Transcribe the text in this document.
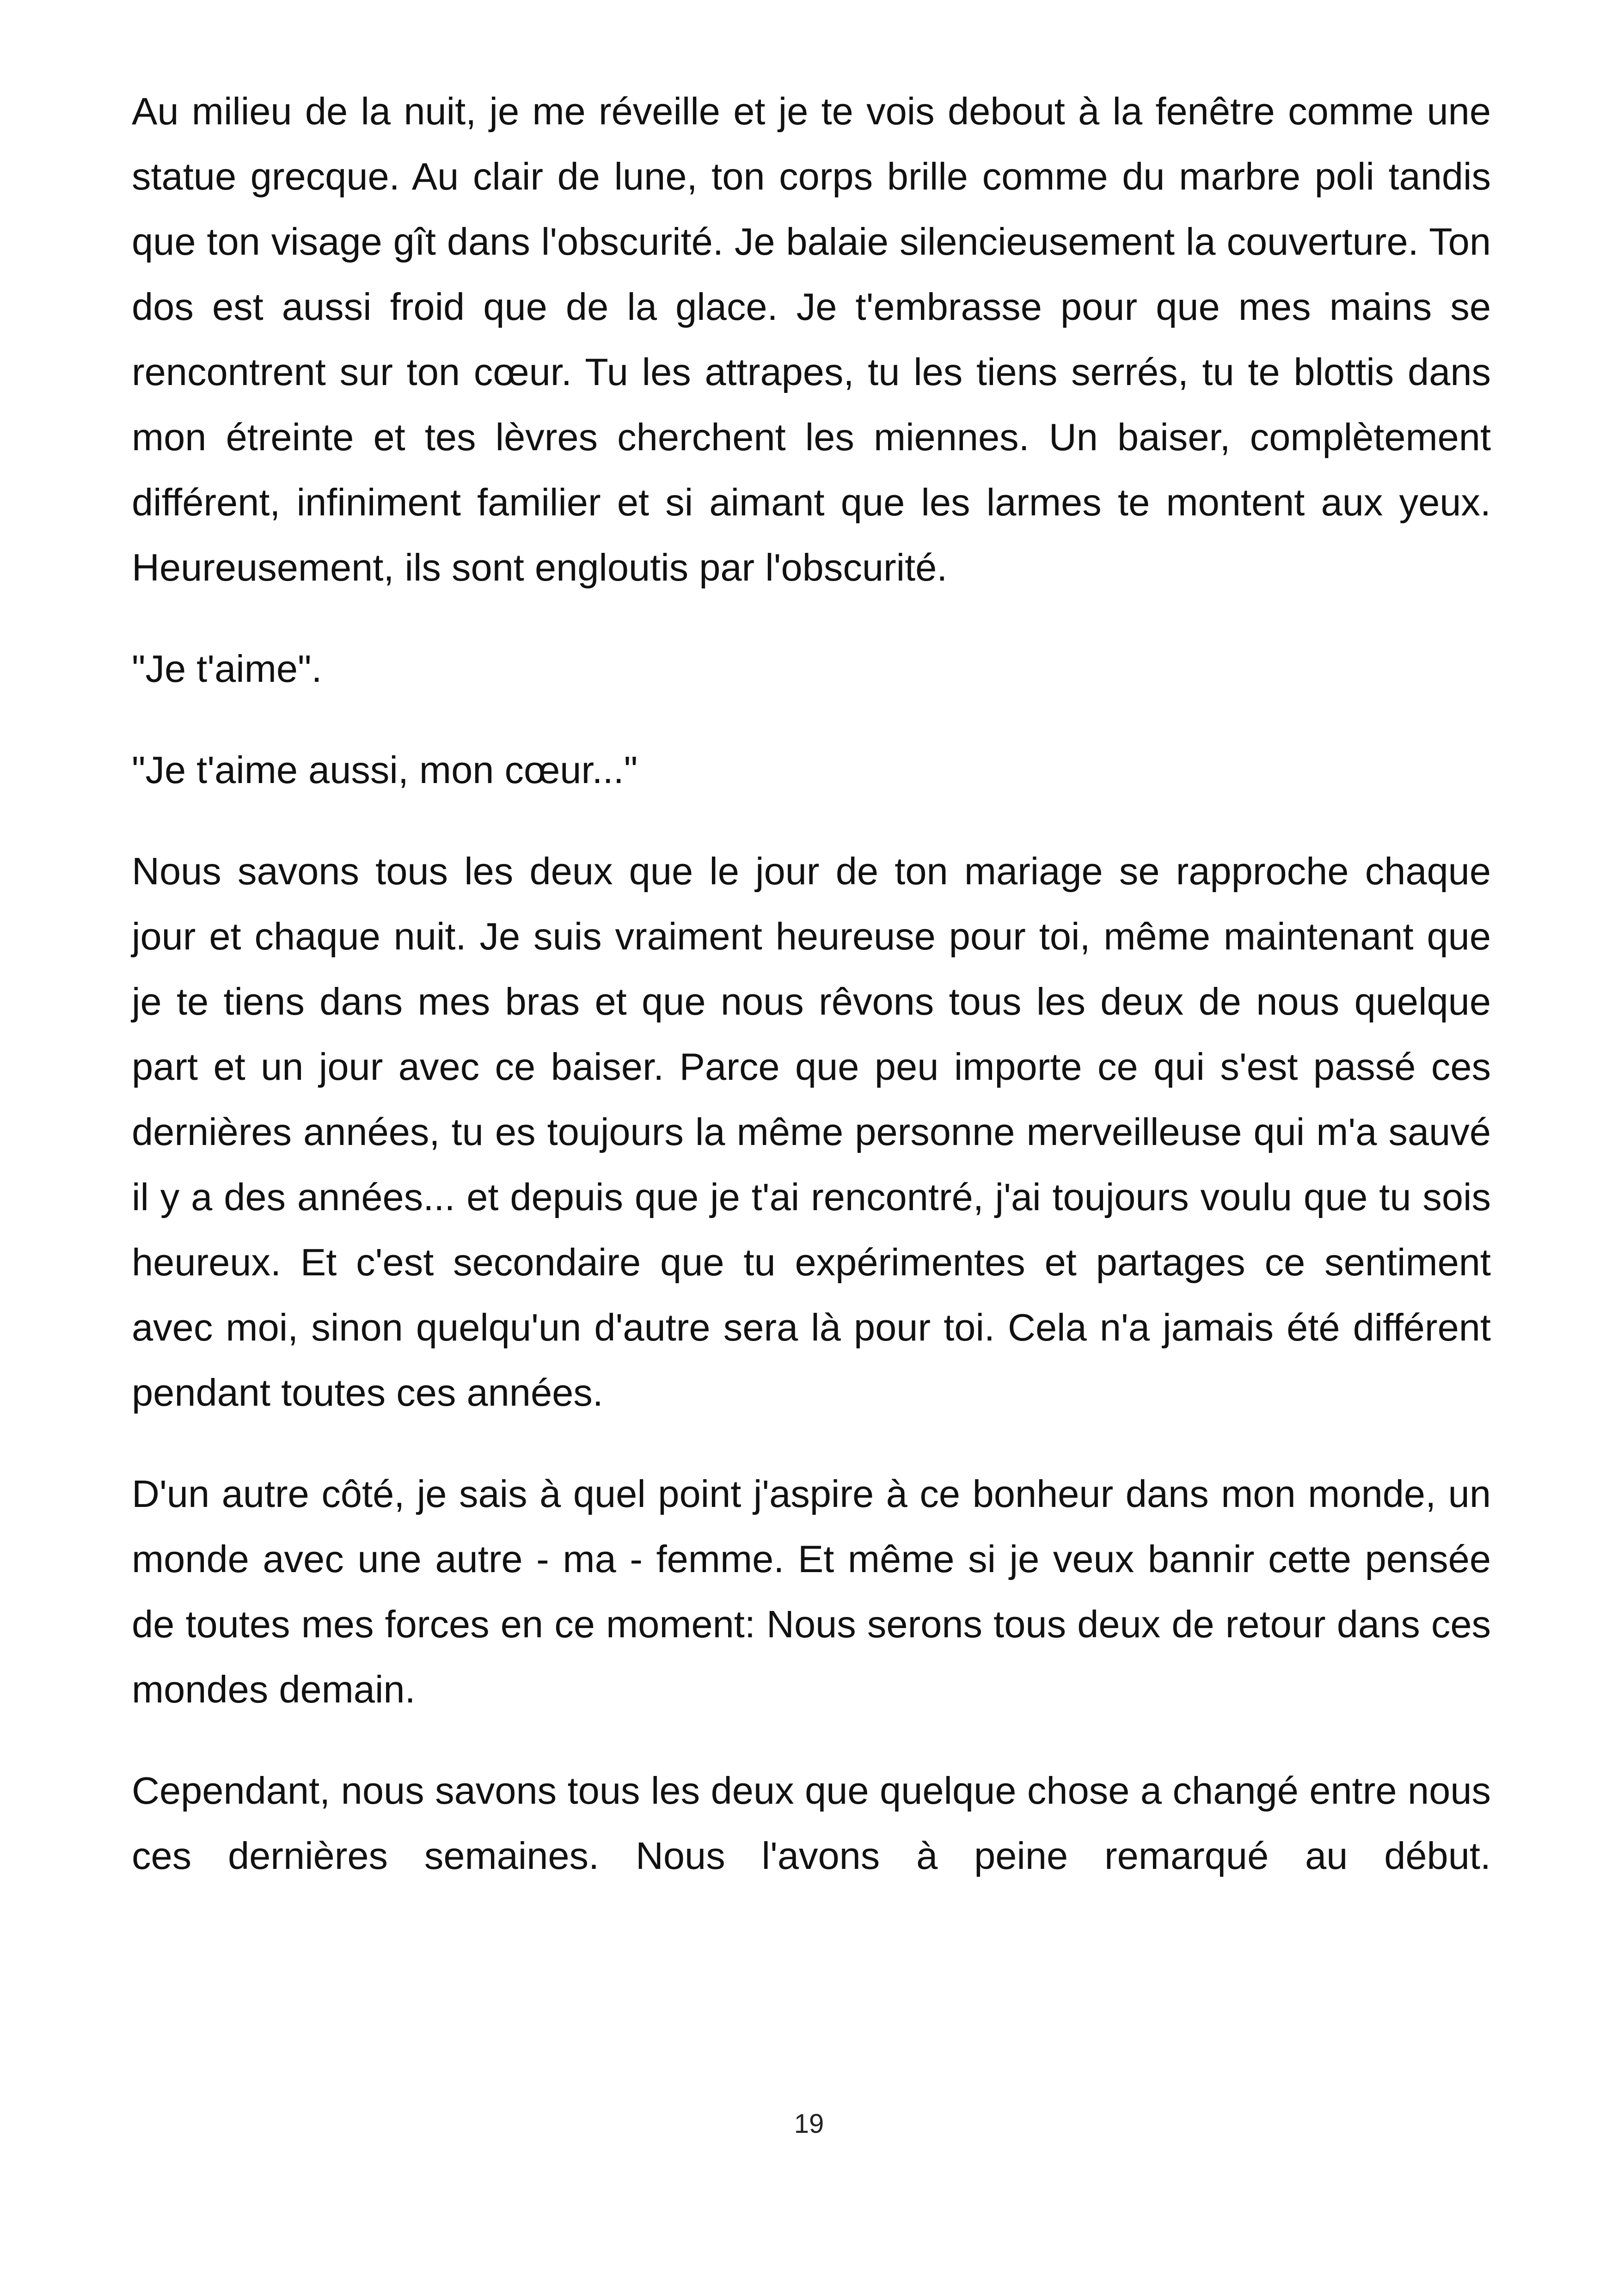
Au milieu de la nuit, je me réveille et je te vois debout à la fenêtre comme une statue grecque. Au clair de lune, ton corps brille comme du marbre poli tandis que ton visage gît dans l'obscurité. Je balaie silencieusement la couverture. Ton dos est aussi froid que de la glace. Je t'embrasse pour que mes mains se rencontrent sur ton cœur. Tu les attrapes, tu les tiens serrés, tu te blottis dans mon étreinte et tes lèvres cherchent les miennes. Un baiser, complètement différent, infiniment familier et si aimant que les larmes te montent aux yeux. Heureusement, ils sont engloutis par l'obscurité.

"Je t'aime".

"Je t'aime aussi, mon cœur..."

Nous savons tous les deux que le jour de ton mariage se rapproche chaque jour et chaque nuit. Je suis vraiment heureuse pour toi, même maintenant que je te tiens dans mes bras et que nous rêvons tous les deux de nous quelque part et un jour avec ce baiser. Parce que peu importe ce qui s'est passé ces dernières années, tu es toujours la même personne merveilleuse qui m'a sauvé il y a des années... et depuis que je t'ai rencontré, j'ai toujours voulu que tu sois heureux. Et c'est secondaire que tu expérimentes et partages ce sentiment avec moi, sinon quelqu'un d'autre sera là pour toi. Cela n'a jamais été différent pendant toutes ces années.

D'un autre côté, je sais à quel point j'aspire à ce bonheur dans mon monde, un monde avec une autre - ma - femme. Et même si je veux bannir cette pensée de toutes mes forces en ce moment: Nous serons tous deux de retour dans ces mondes demain.

Cependant, nous savons tous les deux que quelque chose a changé entre nous ces dernières semaines. Nous l'avons à peine remarqué au début.

19
